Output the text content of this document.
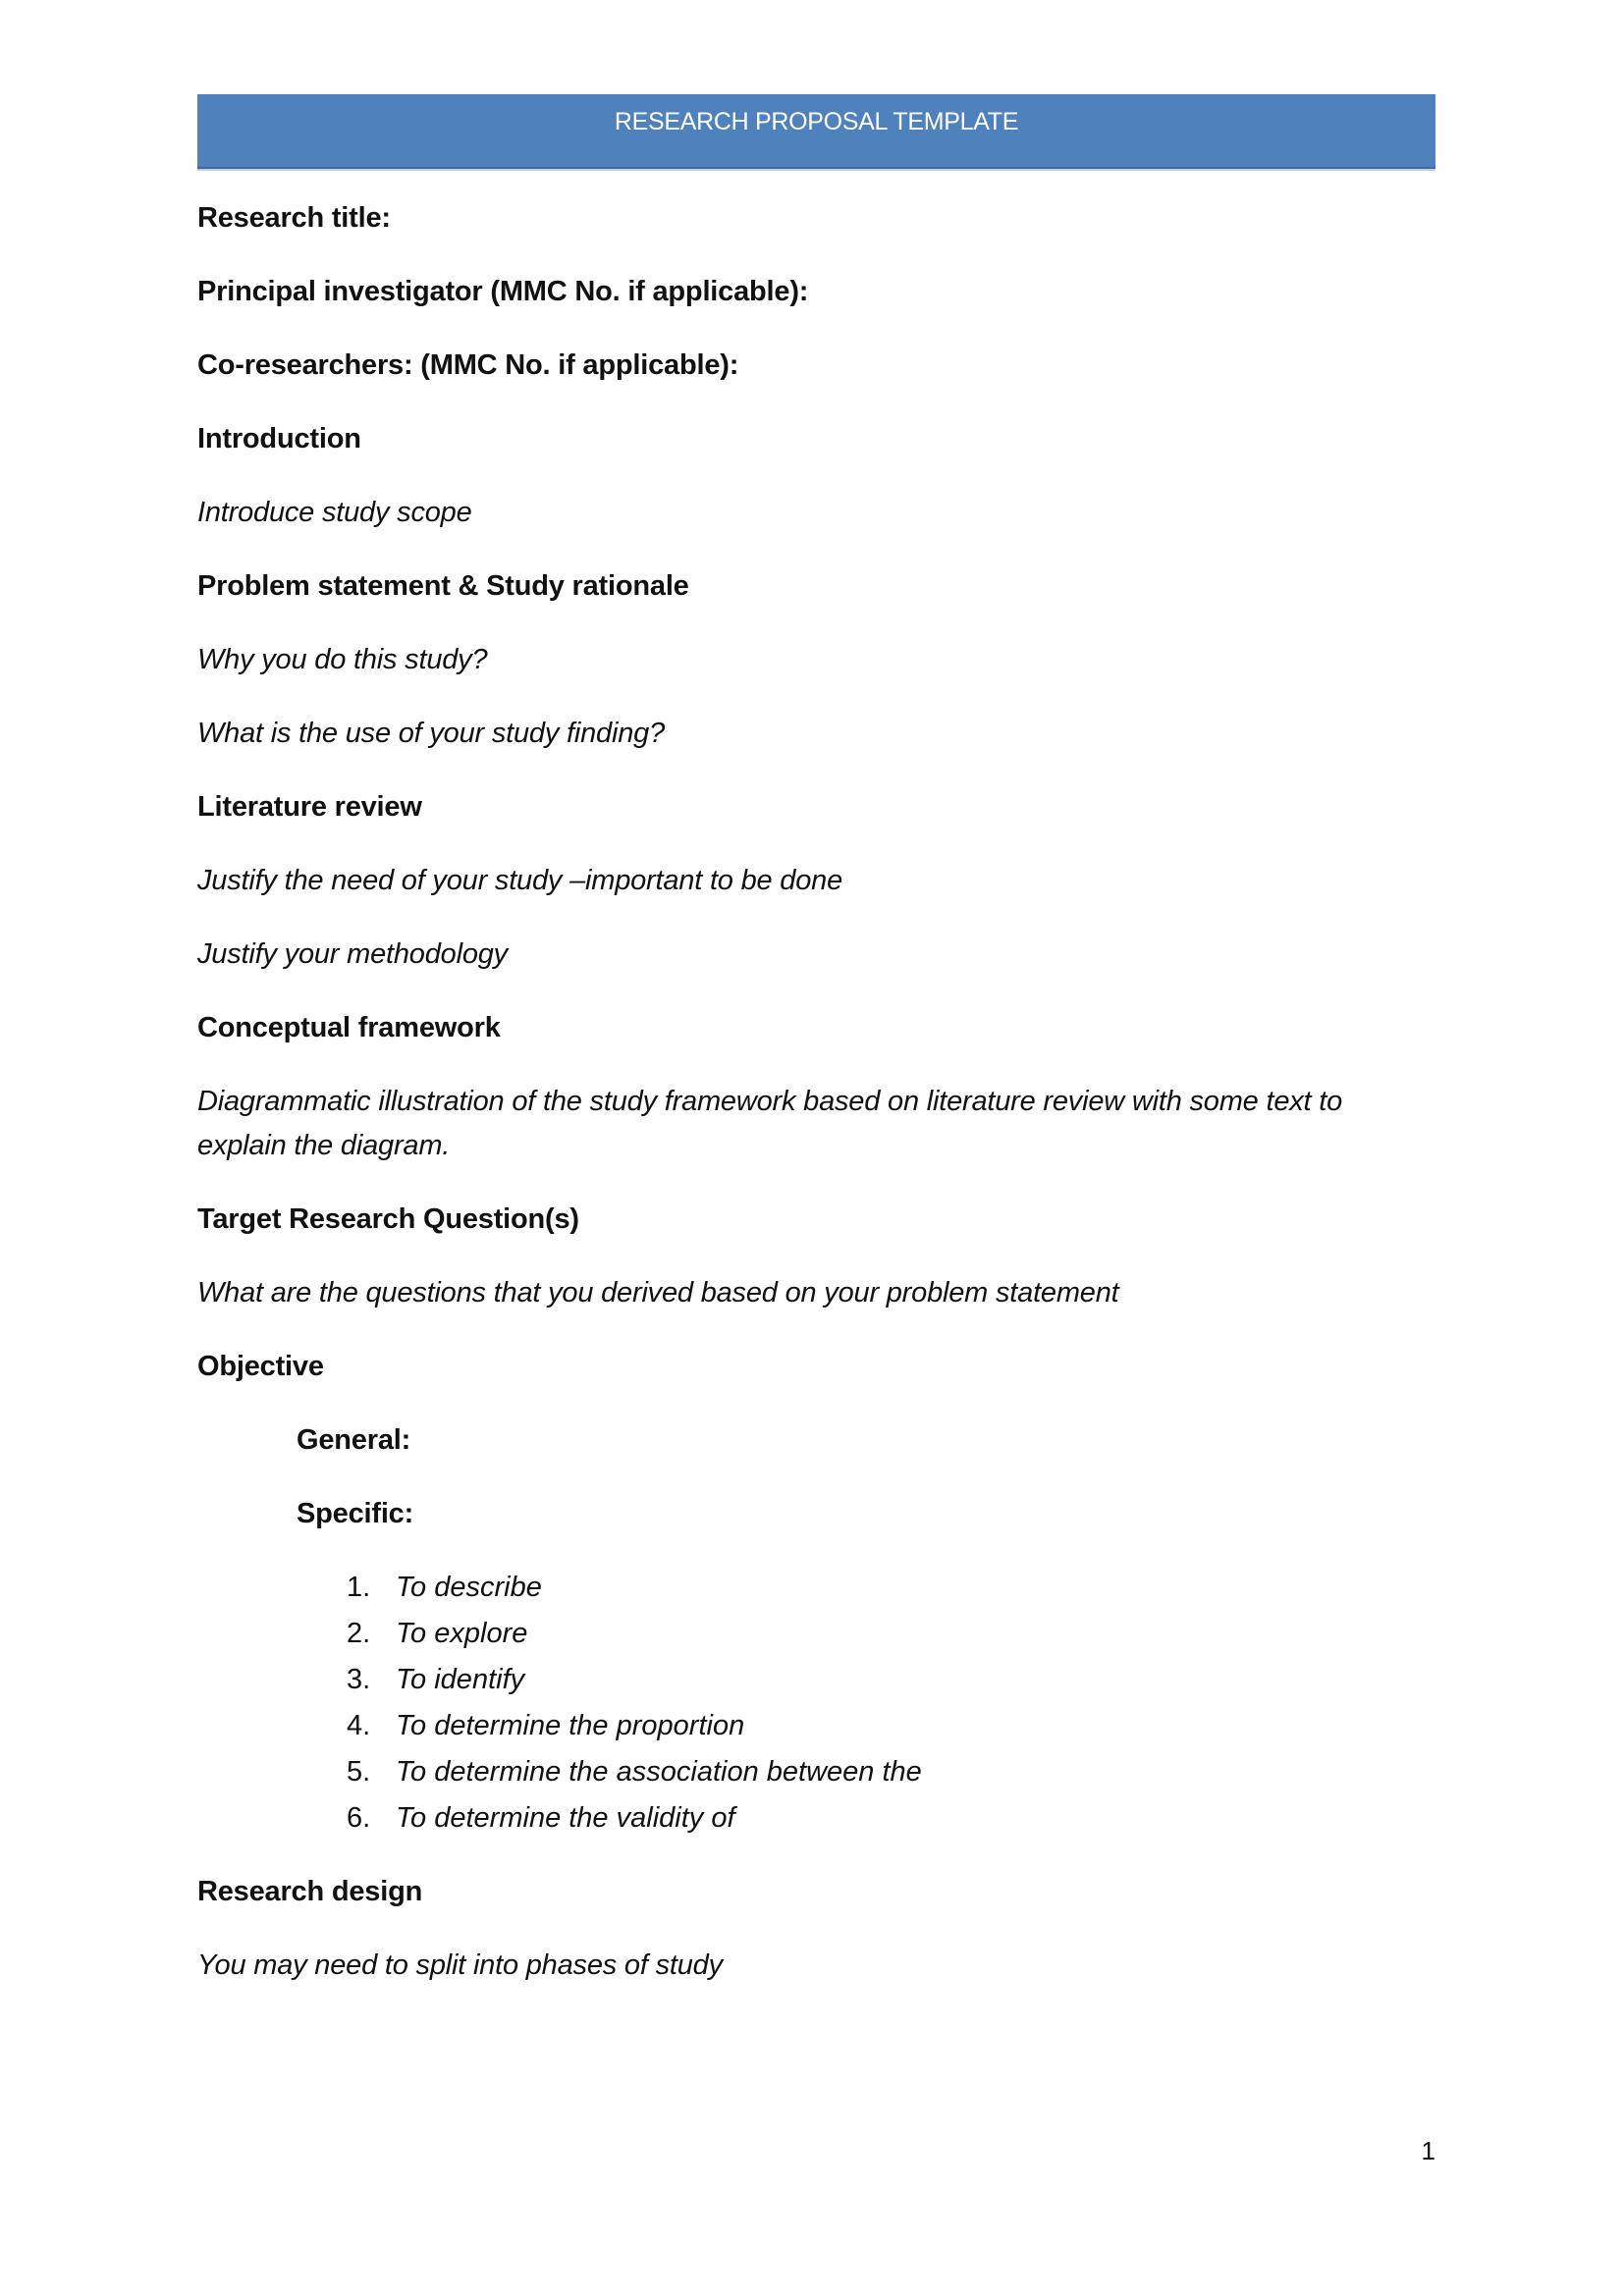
RESEARCH PROPOSAL TEMPLATE
Research title:
Principal investigator (MMC No. if applicable):
Co-researchers: (MMC No. if applicable):
Introduction
Introduce study scope
Problem statement & Study rationale
Why you do this study?
What is the use of your study finding?
Literature review
Justify the need of your study –important to be done
Justify your methodology
Conceptual framework
Diagrammatic illustration of the study framework based on literature review with some text to explain the diagram.
Target Research Question(s)
What are the questions that you derived based on your problem statement
Objective
General:
Specific:
1. To describe
2. To explore
3. To identify
4. To determine the proportion
5. To determine the association between the
6. To determine the validity of
Research design
You may need to split into phases of study
1
